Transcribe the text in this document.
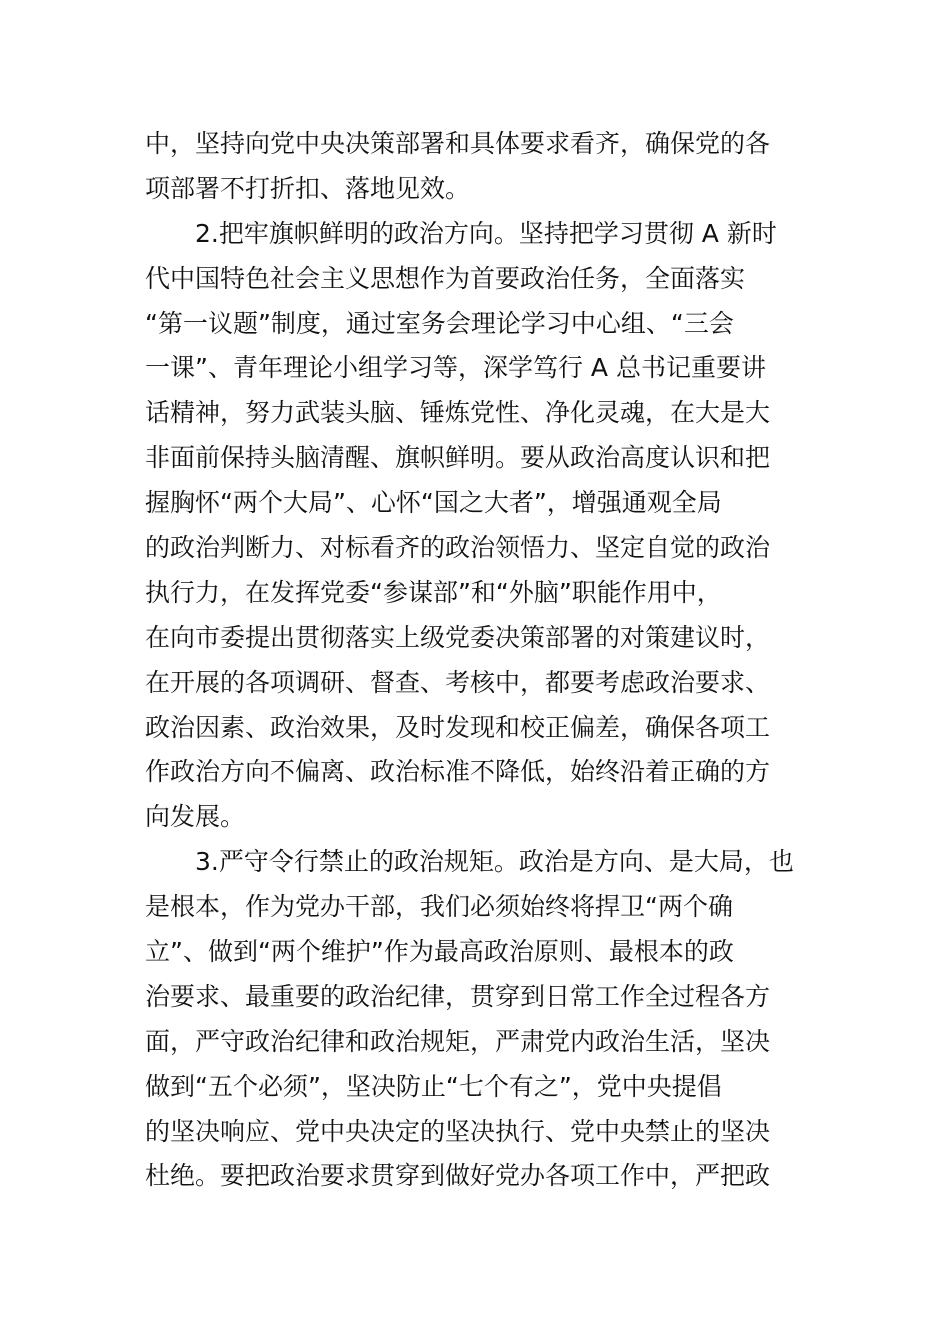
中，坚持向党中央决策部署和具体要求看齐，确保党的各
项部署不打折扣、落地见效。
2.把牢旗帜鲜明的政治方向。坚持把学习贯彻 A 新时
代中国特色社会主义思想作为首要政治任务，全面落实
“第一议题”制度，通过室务会理论学习中心组、“三会
一课”、青年理论小组学习等，深学笃行 A 总书记重要讲
话精神，努力武装头脑、锤炼党性、净化灵魂，在大是大
非面前保持头脑清醒、旗帜鲜明。要从政治高度认识和把
握胸怀“两个大局”、心怀“国之大者”，增强通观全局
的政治判断力、对标看齐的政治领悟力、坚定自觉的政治
执行力，在发挥党委“参谋部”和“外脑”职能作用中，
在向市委提出贯彻落实上级党委决策部署的对策建议时，
在开展的各项调研、督查、考核中，都要考虑政治要求、
政治因素、政治效果，及时发现和校正偏差，确保各项工
作政治方向不偏离、政治标准不降低，始终沿着正确的方
向发展。
3.严守令行禁止的政治规矩。政治是方向、是大局，也
是根本，作为党办干部，我们必须始终将捍卫“两个确
立”、做到“两个维护”作为最高政治原则、最根本的政
治要求、最重要的政治纪律，贯穿到日常工作全过程各方
面，严守政治纪律和政治规矩，严肃党内政治生活，坚决
做到“五个必须”，坚决防止“七个有之”，党中央提倡
的坚决响应、党中央决定的坚决执行、党中央禁止的坚决
杜绝。要把政治要求贯穿到做好党办各项工作中，严把政
